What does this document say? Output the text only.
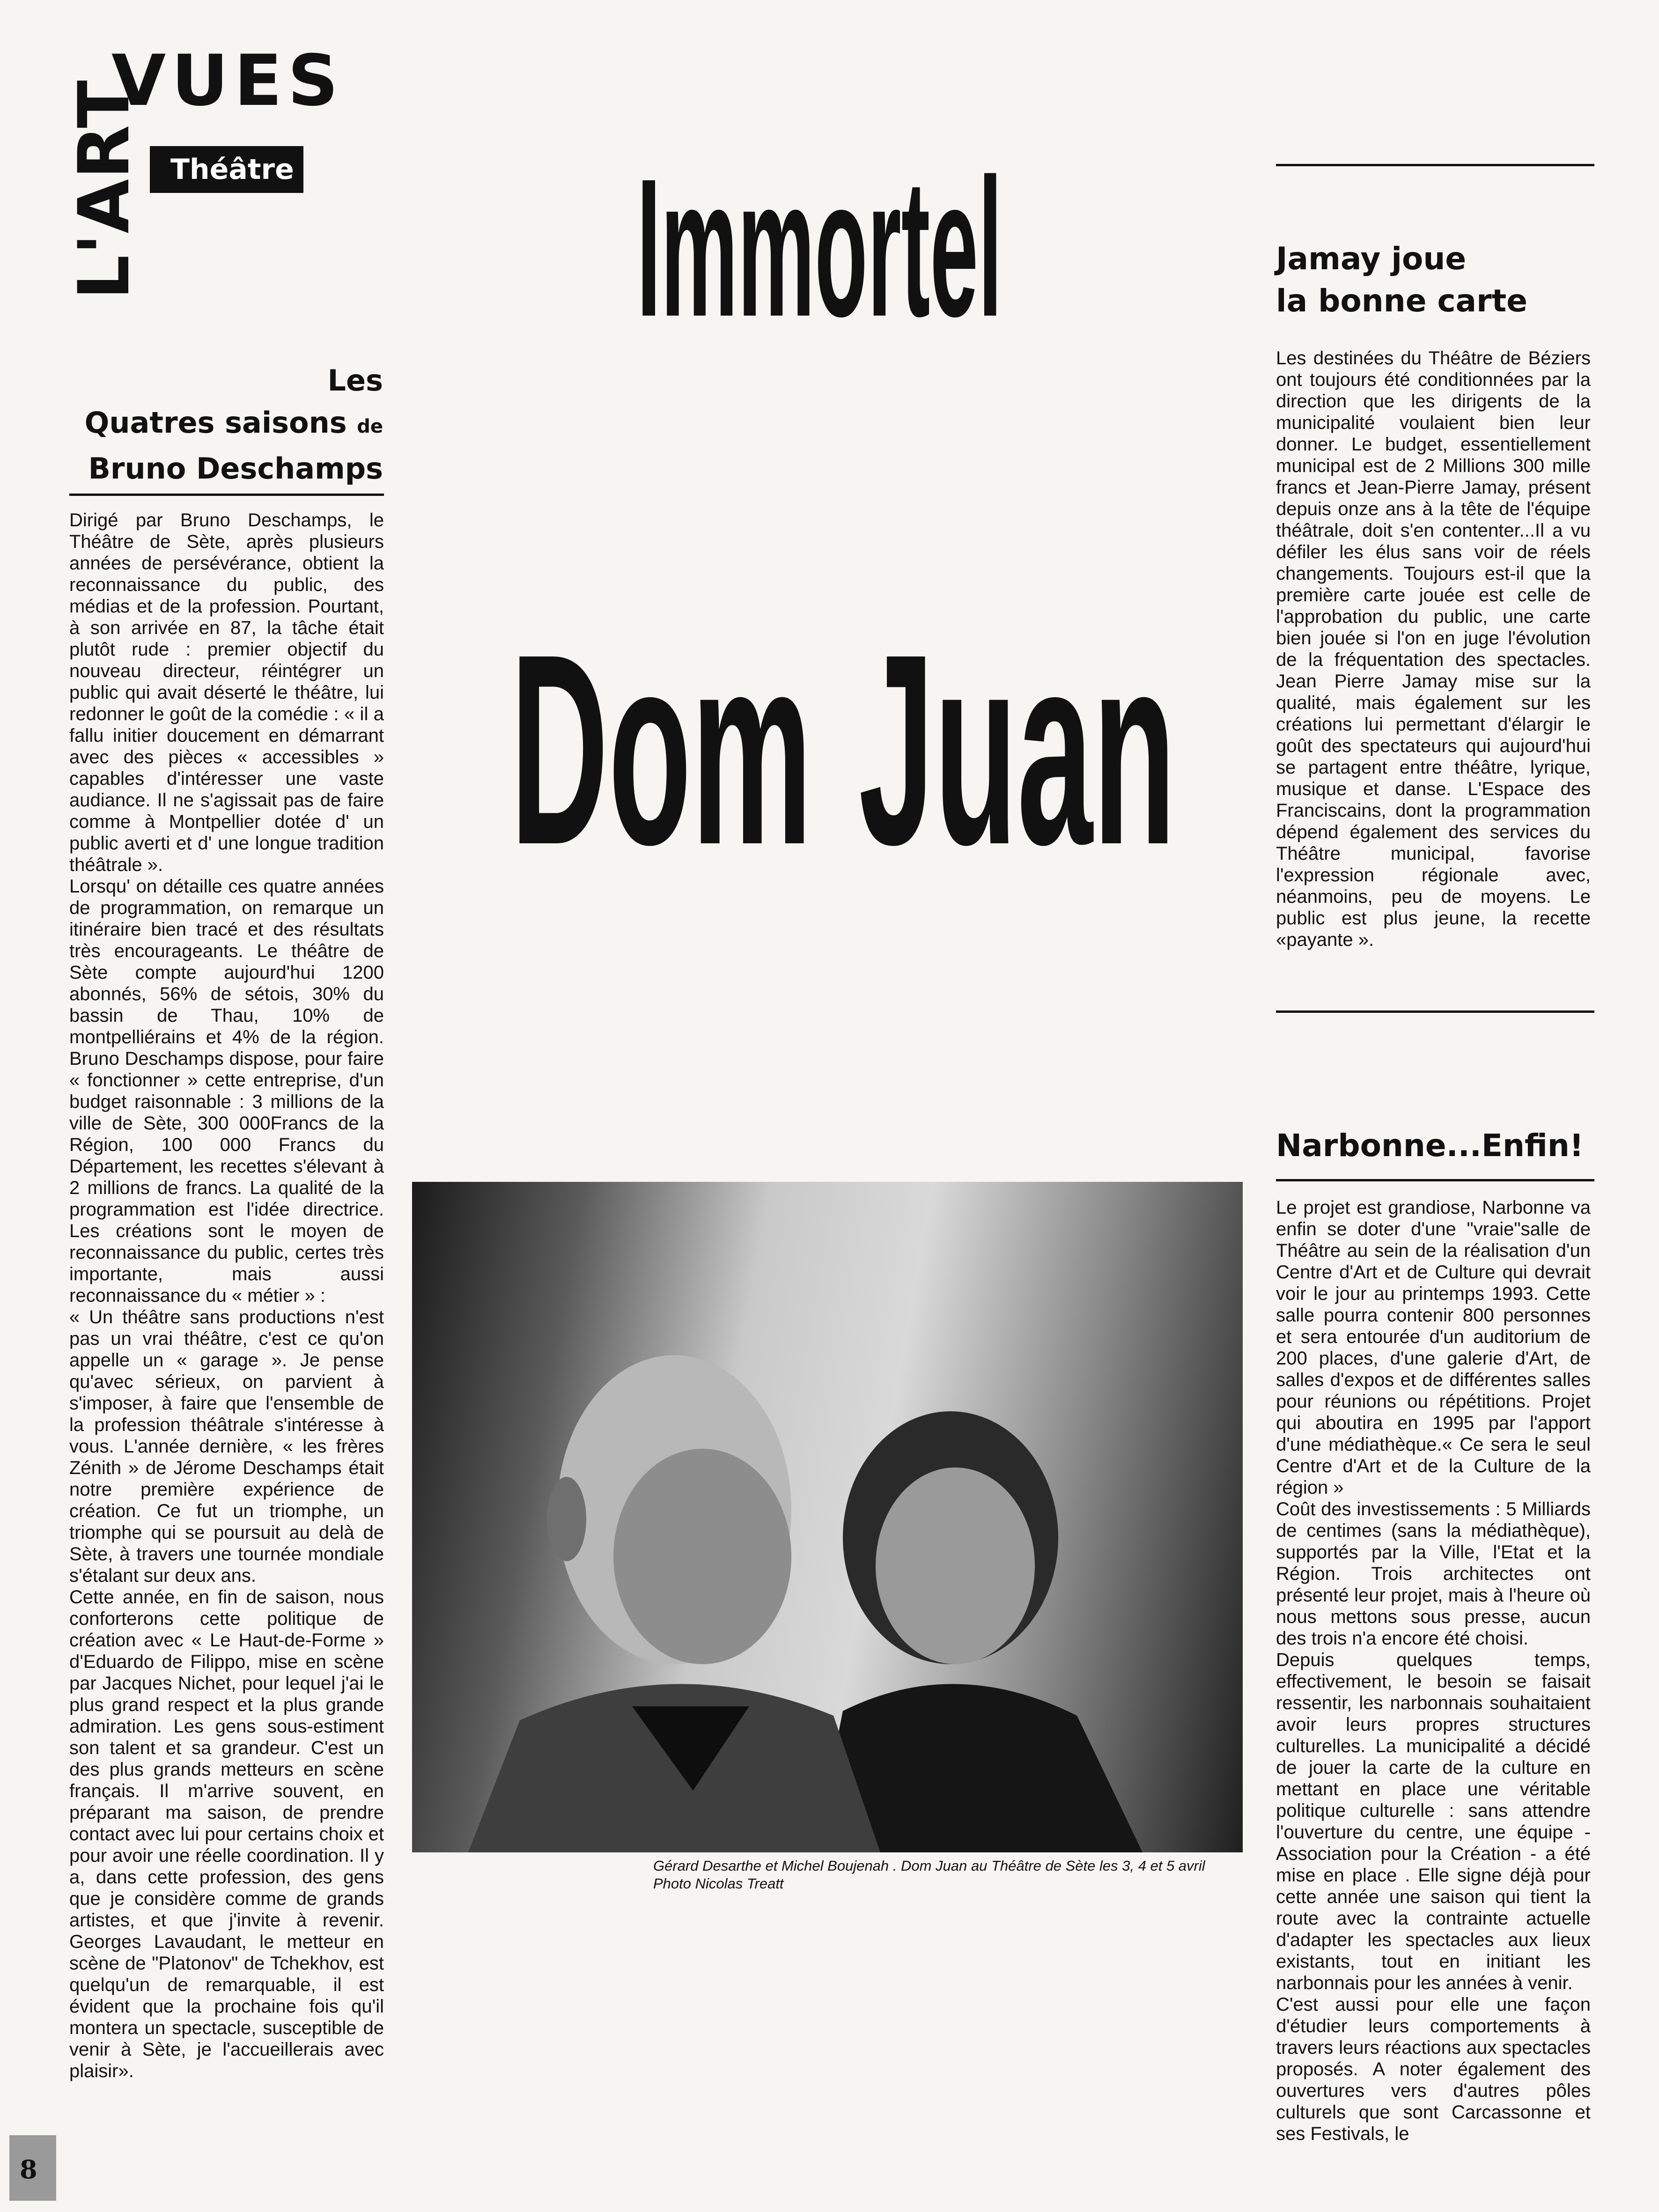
VUES
L'ART Théâtre
Les
Quatres saisons de
Bruno Deschamps
Dirigé par Bruno Deschamps, le Théâtre de Sète, après plusieurs années de persévérance, obtient la reconnaissance du public, des médias et de la profession. Pourtant, à son arrivée en 87, la tâche était plutôt rude : premier objectif du nouveau directeur, réintégrer un public qui avait déserté le théâtre, lui redonner le goût de la comédie : « il a fallu initier doucement en démarrant avec des pièces « accessibles » capables d'intéresser une vaste audiance. Il ne s'agissait pas de faire comme à Montpellier dotée d' un public averti et d' une longue tradition théâtrale ».
Lorsqu' on détaille ces quatre années de programmation, on remarque un itinéraire bien tracé et des résultats très encourageants. Le théâtre de Sète compte aujourd'hui 1200 abonnés, 56% de sétois, 30% du bassin de Thau, 10% de montpelliérains et 4% de la région. Bruno Deschamps dispose, pour faire « fonctionner » cette entreprise, d'un budget raisonnable : 3 millions de la ville de Sète, 300 000Francs de la Région, 100 000 Francs du Département, les recettes s'élevant à 2 millions de francs. La qualité de la programmation est l'idée directrice. Les créations sont le moyen de reconnaissance du public, certes très importante, mais aussi reconnaissance du « métier » :
« Un théâtre sans productions n'est pas un vrai théâtre, c'est ce qu'on appelle un « garage ». Je pense qu'avec sérieux, on parvient à s'imposer, à faire que l'ensemble de la profession théâtrale s'intéresse à vous. L'année dernière, « les frères Zénith » de Jérome Deschamps était notre première expérience de création. Ce fut un triomphe, un triomphe qui se poursuit au delà de Sète, à travers une tournée mondiale s'étalant sur deux ans.
Cette année, en fin de saison, nous conforterons cette politique de création avec « Le Haut-de-Forme » d'Eduardo de Filippo, mise en scène par Jacques Nichet, pour lequel j'ai le plus grand respect et la plus grande admiration. Les gens sous-estiment son talent et sa grandeur. C'est un des plus grands metteurs en scène français. Il m'arrive souvent, en préparant ma saison, de prendre contact avec lui pour certains choix et pour avoir une réelle coordination. Il y a, dans cette profession, des gens que je considère comme de grands artistes, et que j'invite à revenir. Georges Lavaudant, le metteur en scène de "Platonov" de Tchekhov, est quelqu'un de remarquable, il est évident que la prochaine fois qu'il montera un spectacle, susceptible de venir à Sète, je l'accueillerais avec plaisir».
Immortel
Dom Juan
Gérard Desarthe et Michel Boujenah . Dom Juan au Théâtre de Sète les 3, 4 et 5 avril
Photo Nicolas Treatt
Jamay joue
la bonne carte
Les destinées du Théâtre de Béziers ont toujours été conditionnées par la direction que les dirigents de la municipalité voulaient bien leur donner. Le budget, essentiellement municipal est de 2 Millions 300 mille francs et Jean-Pierre Jamay, présent depuis onze ans à la tête de l'équipe théâtrale, doit s'en contenter...Il a vu défiler les élus sans voir de réels changements. Toujours est-il que la première carte jouée est celle de l'approbation du public, une carte bien jouée si l'on en juge l'évolution de la fréquentation des spectacles. Jean Pierre Jamay mise sur la qualité, mais également sur les créations lui permettant d'élargir le goût des spectateurs qui aujourd'hui se partagent entre théâtre, lyrique, musique et danse. L'Espace des Franciscains, dont la programmation dépend également des services du Théâtre municipal, favorise l'expression régionale avec, néanmoins, peu de moyens. Le public est plus jeune, la recette «payante ».
Narbonne...Enfin!
Le projet est grandiose, Narbonne va enfin se doter d'une "vraie"salle de Théâtre au sein de la réalisation d'un Centre d'Art et de Culture qui devrait voir le jour au printemps 1993. Cette salle pourra contenir 800 personnes et sera entourée d'un auditorium de 200 places, d'une galerie d'Art, de salles d'expos et de différentes salles pour réunions ou répétitions. Projet qui aboutira en 1995 par l'apport d'une médiathèque.« Ce sera le seul Centre d'Art et de la Culture de la région »
Coût des investissements : 5 Milliards de centimes (sans la médiathèque), supportés par la Ville, l'Etat et la Région. Trois architectes ont présenté leur projet, mais à l'heure où nous mettons sous presse, aucun des trois n'a encore été choisi.
Depuis quelques temps, effectivement, le besoin se faisait ressentir, les narbonnais souhaitaient avoir leurs propres structures culturelles. La municipalité a décidé de jouer la carte de la culture en mettant en place une véritable politique culturelle : sans attendre l'ouverture du centre, une équipe - Association pour la Création - a été mise en place . Elle signe déjà pour cette année une saison qui tient la route avec la contrainte actuelle d'adapter les spectacles aux lieux existants, tout en initiant les narbonnais pour les années à venir.
C'est aussi pour elle une façon d'étudier leurs comportements à travers leurs réactions aux spectacles proposés. A noter également des ouvertures vers d'autres pôles culturels que sont Carcassonne et ses Festivals, le
8
